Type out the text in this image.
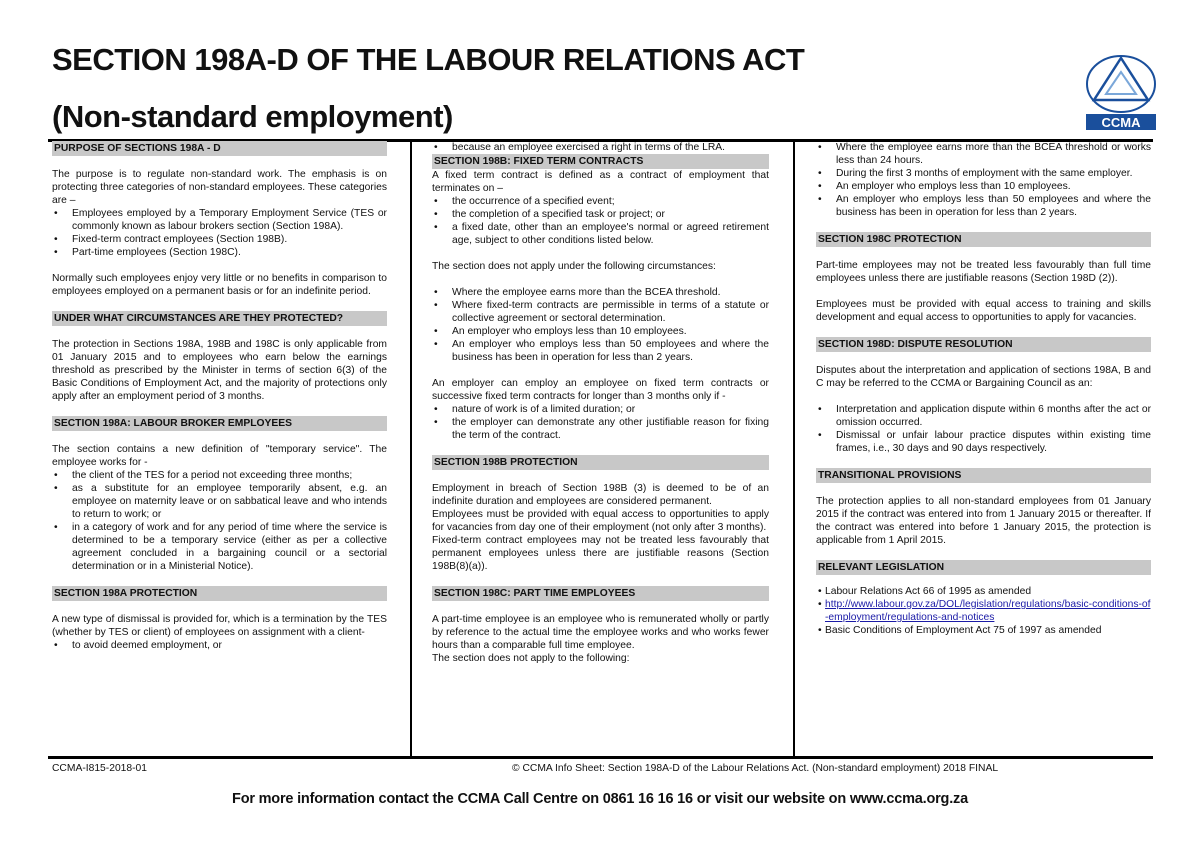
SECTION 198A-D OF THE LABOUR RELATIONS ACT
(Non-standard employment)	CCMA
PURPOSE OF SECTIONS 198A - D

The purpose is to regulate non-standard work. The emphasis is on protecting three categories of non-standard employees. These categories are –

• Employees employed by a Temporary Employment Service (TES or commonly known as labour brokers section (Section 198A).
• Fixed-term contract employees (Section 198B).
• Part-time employees (Section 198C).

Normally such employees enjoy very little or no benefits in comparison to employees employed on a permanent basis or for an indefinite period.

UNDER WHAT CIRCUMSTANCES ARE THEY PROTECTED?

The protection in Sections 198A, 198B and 198C is only applicable from 01 January 2015 and to employees who earn below the earnings threshold as prescribed by the Minister in terms of section 6(3) of the Basic Conditions of Employment Act, and the majority of protections only apply after an employment period of 3 months.

SECTION 198A: LABOUR BROKER EMPLOYEES

The section contains a new definition of "temporary service". The employee works for -

• the client of the TES for a period not exceeding three months;
• as a substitute for an employee temporarily absent, e.g. an employee on maternity leave or on sabbatical leave and who intends to return to work; or
• in a category of work and for any period of time where the service is determined to be a temporary service (either as per a collective agreement concluded in a bargaining council or a sectorial determination or in a Ministerial Notice).
SECTION 198A PROTECTION

A new type of dismissal is provided for, which is a termination by the TES (whether by TES or client) of employees on assignment with a client-

• to avoid deemed employment, or
• because an employee exercised a right in terms of the LRA.
SECTION 198B: FIXED TERM CONTRACTS

A fixed term contract is defined as a contract of employment that terminates on –

• the occurrence of a specified event;
• the completion of a specified task or project; or
• a fixed date, other than an employee's normal or agreed retirement age, subject to other conditions listed below.

The section does not apply under the following circumstances:

• Where the employee earns more than the BCEA threshold.
• Where fixed-term contracts are permissible in terms of a statute or collective agreement or sectoral determination.
• An employer who employs less than 10 employees.
• An employer who employs less than 50 employees and where the business has been in operation for less than 2 years.

An employer can employ an employee on fixed term contracts or successive fixed term contracts for longer than 3 months only if -

• nature of work is of a limited duration; or
• the employer can demonstrate any other justifiable reason for fixing the term of the contract.
SECTION 198B PROTECTION

Employment in breach of Section 198B (3) is deemed to be of an indefinite duration and employees are considered permanent.

Employees must be provided with equal access to opportunities to apply for vacancies from day one of their employment (not only after 3 months).

Fixed-term contract employees may not be treated less favourably that permanent employees unless there are justifiable reasons (Section 198B(8)(a)).

SECTION 198C: PART TIME EMPLOYEES

A part-time employee is an employee who is remunerated wholly or partly by reference to the actual time the employee works and who works fewer hours than a comparable full time employee.

The section does not apply to the following:

• Where the employee earns more than the BCEA threshold or works less than 24 hours.
• During the first 3 months of employment with the same employer.
• An employer who employs less than 10 employees.
• An employer who employs less than 50 employees and where the business has been in operation for less than 2 years.
SECTION 198C PROTECTION

Part-time employees may not be treated less favourably than full time employees unless there are justifiable reasons (Section 198D (2)).

Employees must be provided with equal access to training and skills development and equal access to opportunities to apply for vacancies.

SECTION 198D: DISPUTE RESOLUTION

Disputes about the interpretation and application of sections 198A, B and C may be referred to the CCMA or Bargaining Council as an:

• Interpretation and application dispute within 6 months after the act or omission occurred.
• Dismissal or unfair labour practice disputes within existing time frames, i.e., 30 days and 90 days respectively.
TRANSITIONAL PROVISIONS

The protection applies to all non-standard employees from 01 January 2015 if the contract was entered into from 1 January 2015 or thereafter. If the contract was entered into before 1 January 2015, the protection is applicable from 1 April 2015.

RELEVANT LEGISLATION
• Labour Relations Act 66 of 1995 as amended
• http://www.labour.gov.za/DOL/legislation/regulations/basic-conditions-of-employment/regulations-and-notices
• Basic Conditions of Employment Act 75 of 1997 as amended
CCMA-I815-2018-01	© CCMA Info Sheet: Section 198A-D of the Labour Relations Act. (Non-standard employment) 2018 FINAL
For more information contact the CCMA Call Centre on 0861 16 16 16 or visit our website on www.ccma.org.za
